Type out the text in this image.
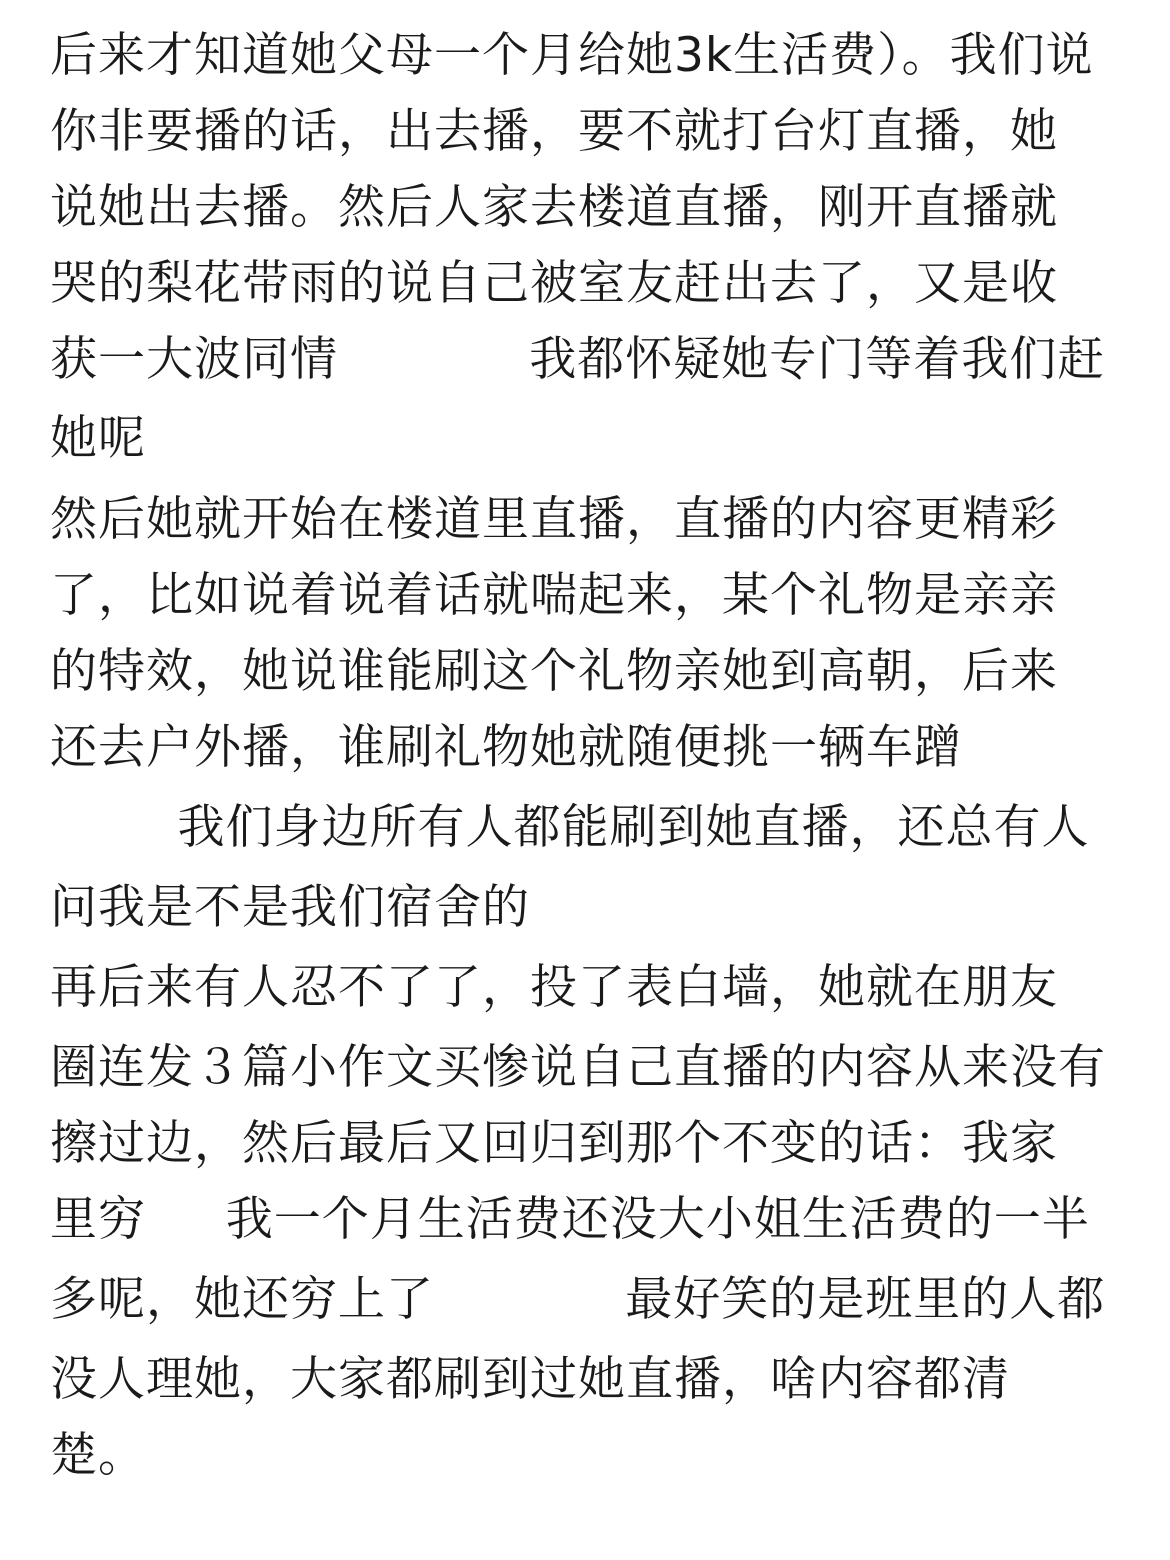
后来才知道她父母一个月给她3k生活费）。我们说
你非要播的话，出去播，要不就打台灯直播，她
说她出去播。然后人家去楼道直播，刚开直播就
哭的梨花带雨的说自己被室友赶出去了，又是收
获一大波同情            我都怀疑她专门等着我们赶
她呢
然后她就开始在楼道里直播，直播的内容更精彩
了，比如说着说着话就喘起来，某个礼物是亲亲
的特效，她说谁能刷这个礼物亲她到高朝，后来
还去户外播，谁刷礼物她就随便挑一辆车蹭
我们身边所有人都能刷到她直播，还总有人
问我是不是我们宿舍的
再后来有人忍不了了，投了表白墙，她就在朋友
圈连发３篇小作文买惨说自己直播的内容从来没有
擦过边，然后最后又回归到那个不变的话：我家
里穷     我一个月生活费还没大小姐生活费的一半
多呢，她还穷上了            最好笑的是班里的人都
没人理她，大家都刷到过她直播，啥内容都清
楚。
